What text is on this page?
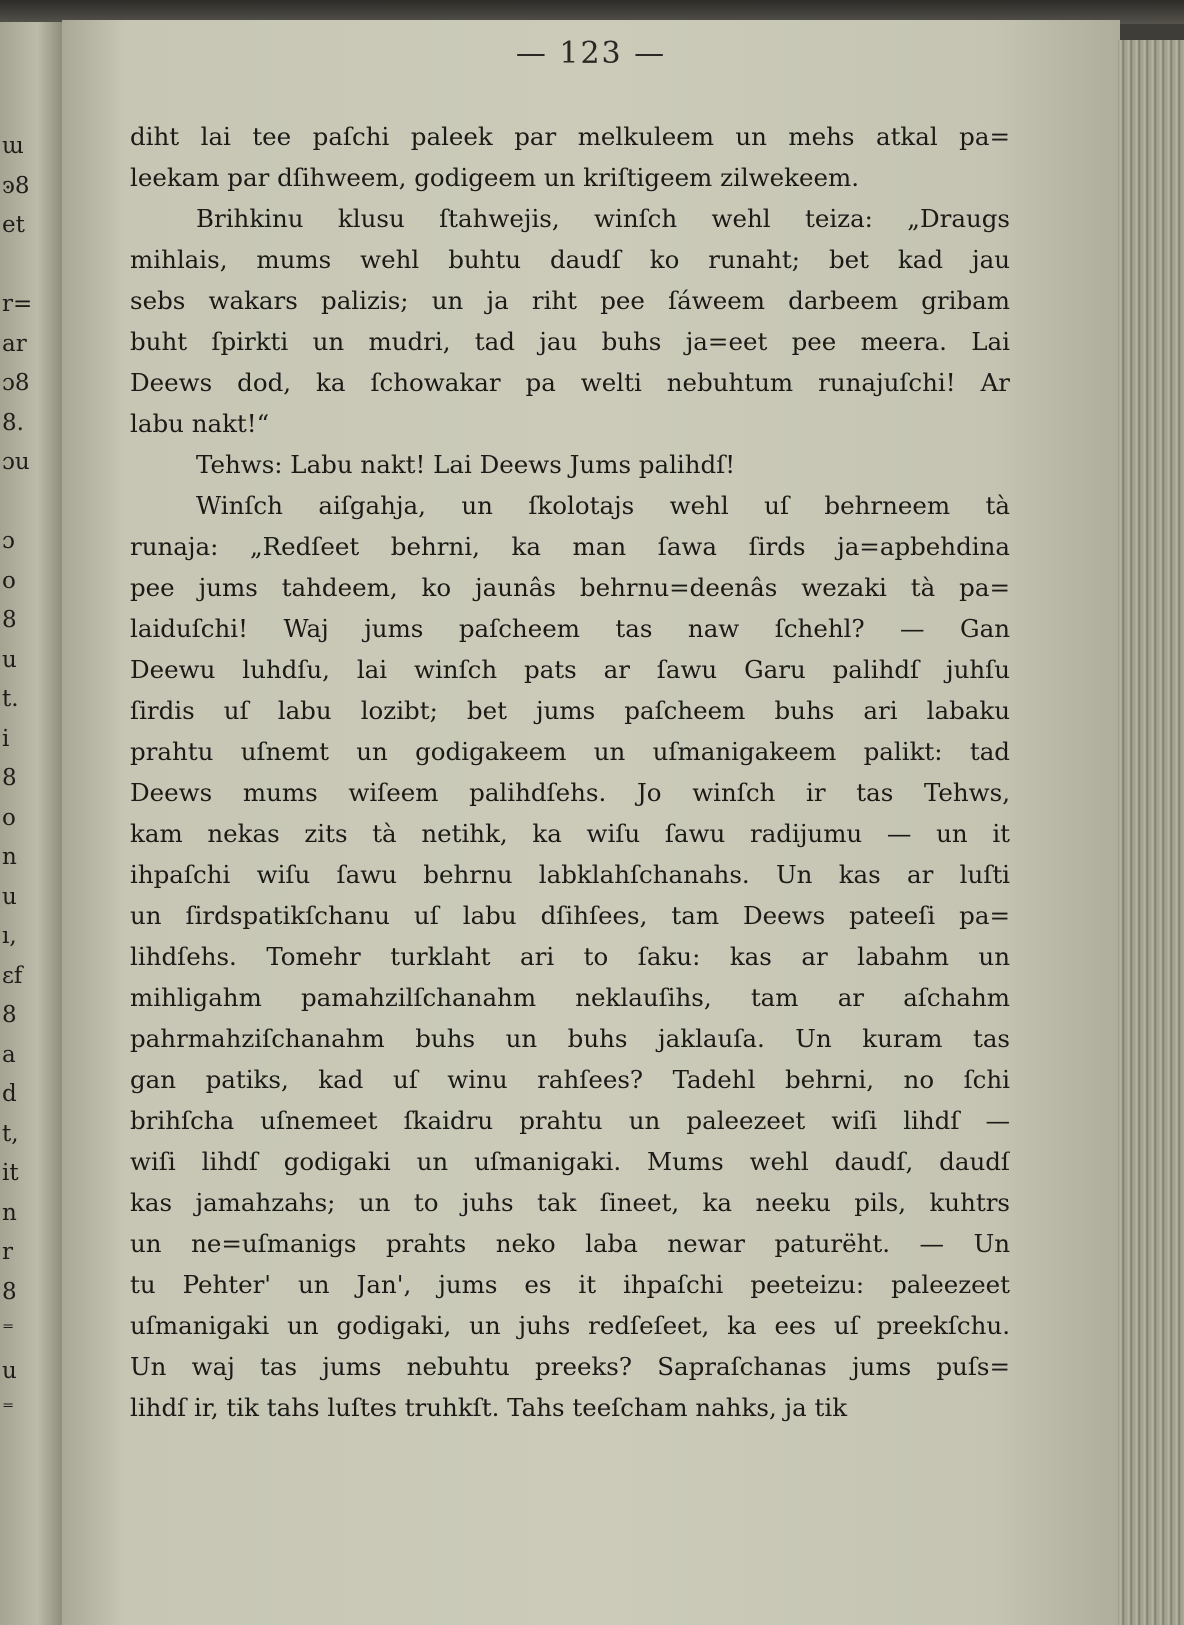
ա
ͽ8
et
r=
ar
ɔ8
8.
ɔu
ɔ
o
8
u
t.
i
8
o
n
u
ı,
ɛf
8
a
d
t,
it
n
r
8
⁼
u
⁼
— 123 —
diht lai tee paſchi paleek par melkuleem un mehs atkal pa=
leekam par dſihweem, godigeem un kriſtigeem zilwekeem.
Brihkinu klusu ſtahwejis, winſch wehl teiza: „Draugs
mihlais, mums wehl buhtu daudſ ko runaht; bet kad jau
sebs wakars palizis; un ja riht pee ſáweem darbeem gribam
buht ſpirkti un mudri, tad jau buhs ja=eet pee meera. Lai
Deews dod, ka ſchowakar pa welti nebuhtum runajuſchi! Ar
labu nakt!“
Tehws: Labu nakt! Lai Deews Jums palihdſ!
Winſch aiſgahja, un ſkolotajs wehl uſ behrneem tà
runaja: „Redſeet behrni, ka man ſawa ſirds ja=apbehdina
pee jums tahdeem, ko jaunâs behrnu=deenâs wezaki tà pa=
laiduſchi! Waj jums paſcheem tas naw ſchehl? — Gan
Deewu luhdſu, lai winſch pats ar ſawu Garu palihdſ juhſu
ſirdis uſ labu lozibt; bet jums paſcheem buhs ari labaku
prahtu uſnemt un godigakeem un uſmanigakeem palikt: tad
Deews mums wiſeem palihdſehs. Jo winſch ir tas Tehws,
kam nekas zits tà netihk, ka wiſu ſawu radijumu — un it
ihpaſchi wiſu ſawu behrnu labklahſchanahs. Un kas ar luſti
un ſirdspatikſchanu uſ labu dſihſees, tam Deews pateeſi pa=
lihdſehs. Tomehr turklaht ari to ſaku: kas ar labahm un
mihligahm pamahzilſchanahm neklauſihs, tam ar aſchahm
pahrmahziſchanahm buhs un buhs jaklauſa. Un kuram tas
gan patiks, kad uſ winu rahſees? Tadehl behrni, no ſchi
brihſcha uſnemeet ſkaidru prahtu un paleezeet wiſi lihdſ —
wiſi lihdſ godigaki un uſmanigaki. Mums wehl daudſ, daudſ
kas jamahzahs; un to juhs tak ſineet, ka neeku pils, kuhtrs
un ne=uſmanigs prahts neko laba newar paturëht. — Un
tu Pehter' un Jan', jums es it ihpaſchi peeteizu: paleezeet
uſmanigaki un godigaki, un juhs redſeſeet, ka ees uſ preekſchu.
Un waj tas jums nebuhtu preeks? Sapraſchanas jums puſs=
lihdſ ir, tik tahs luſtes truhkſt. Tahs teeſcham nahks, ja tik
